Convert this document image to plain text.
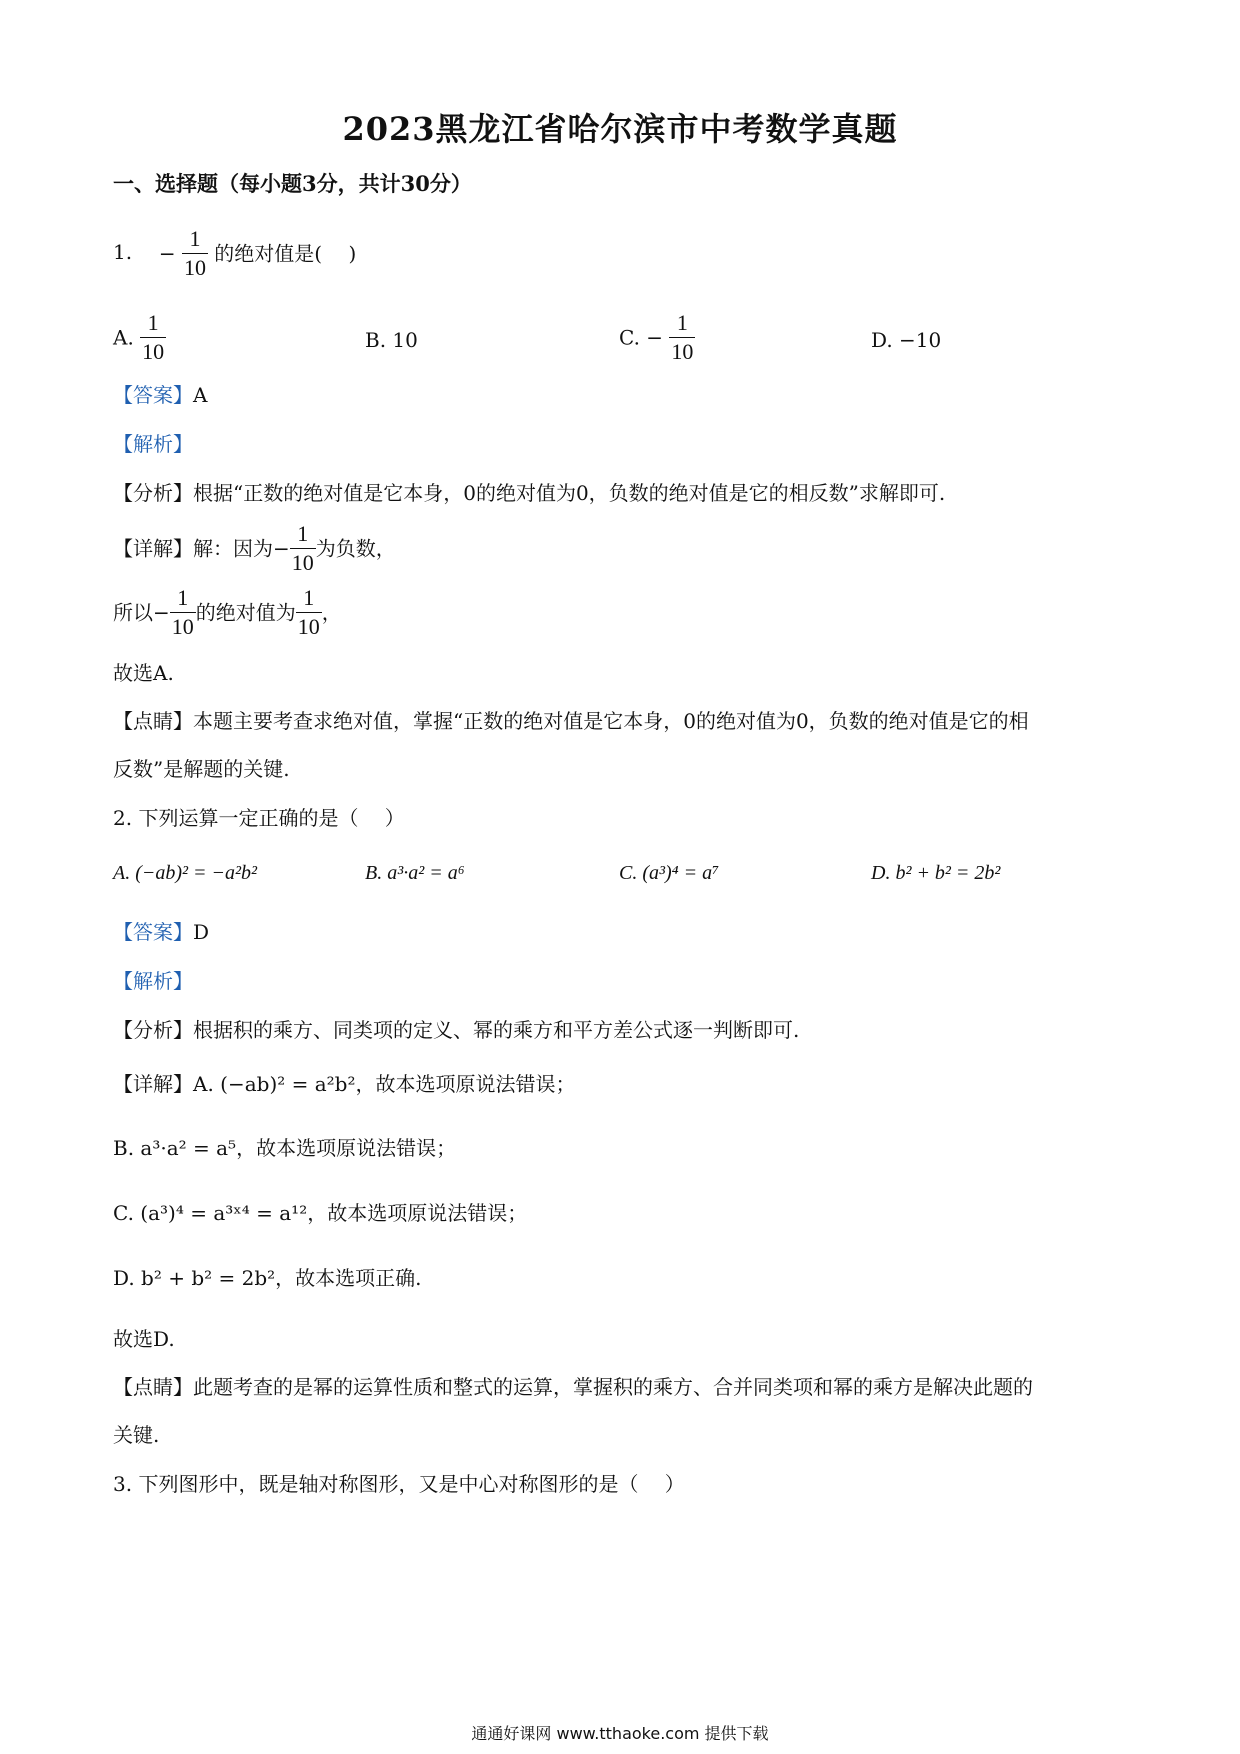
2023黑龙江省哈尔滨市中考数学真题
一、选择题（每小题3分，共计30分）
1. − $\frac{1}{10}$ 的绝对值是(　 )
A. $\frac{1}{10}$	B. 10	C. − $\frac{1}{10}$	D. −10
【答案】A
【解析】
【分析】根据“正数的绝对值是它本身，0的绝对值为0，负数的绝对值是它的相反数”求解即可.
【详解】解：因为− $\frac{1}{10}$ 为负数，
所以− $\frac{1}{10}$ 的绝对值为 $\frac{1}{10}$ ，
故选A.
【点睛】本题主要考查求绝对值，掌握“正数的绝对值是它本身，0的绝对值为0，负数的绝对值是它的相
反数”是解题的关键.
2. 下列运算一定正确的是（　 ）
A. (−ab)² = −a²b²	B. a³·a² = a⁶	C. (a³)⁴ = a⁷	D. b² + b² = 2b²
【答案】D
【解析】
【分析】根据积的乘方、同类项的定义、幂的乘方和平方差公式逐一判断即可.
【详解】A. (−ab)² = a²b²，故本选项原说法错误；
B. a³·a² = a⁵，故本选项原说法错误；
C. (a³)⁴ = a³ˣ⁴ = a¹²，故本选项原说法错误；
D. b² + b² = 2b²，故本选项正确.
故选D.
【点睛】此题考查的是幂的运算性质和整式的运算，掌握积的乘方、合并同类项和幂的乘方是解决此题的
关键.
3. 下列图形中，既是轴对称图形，又是中心对称图形的是（　 ）
通通好课网 www.tthaoke.com 提供下载
